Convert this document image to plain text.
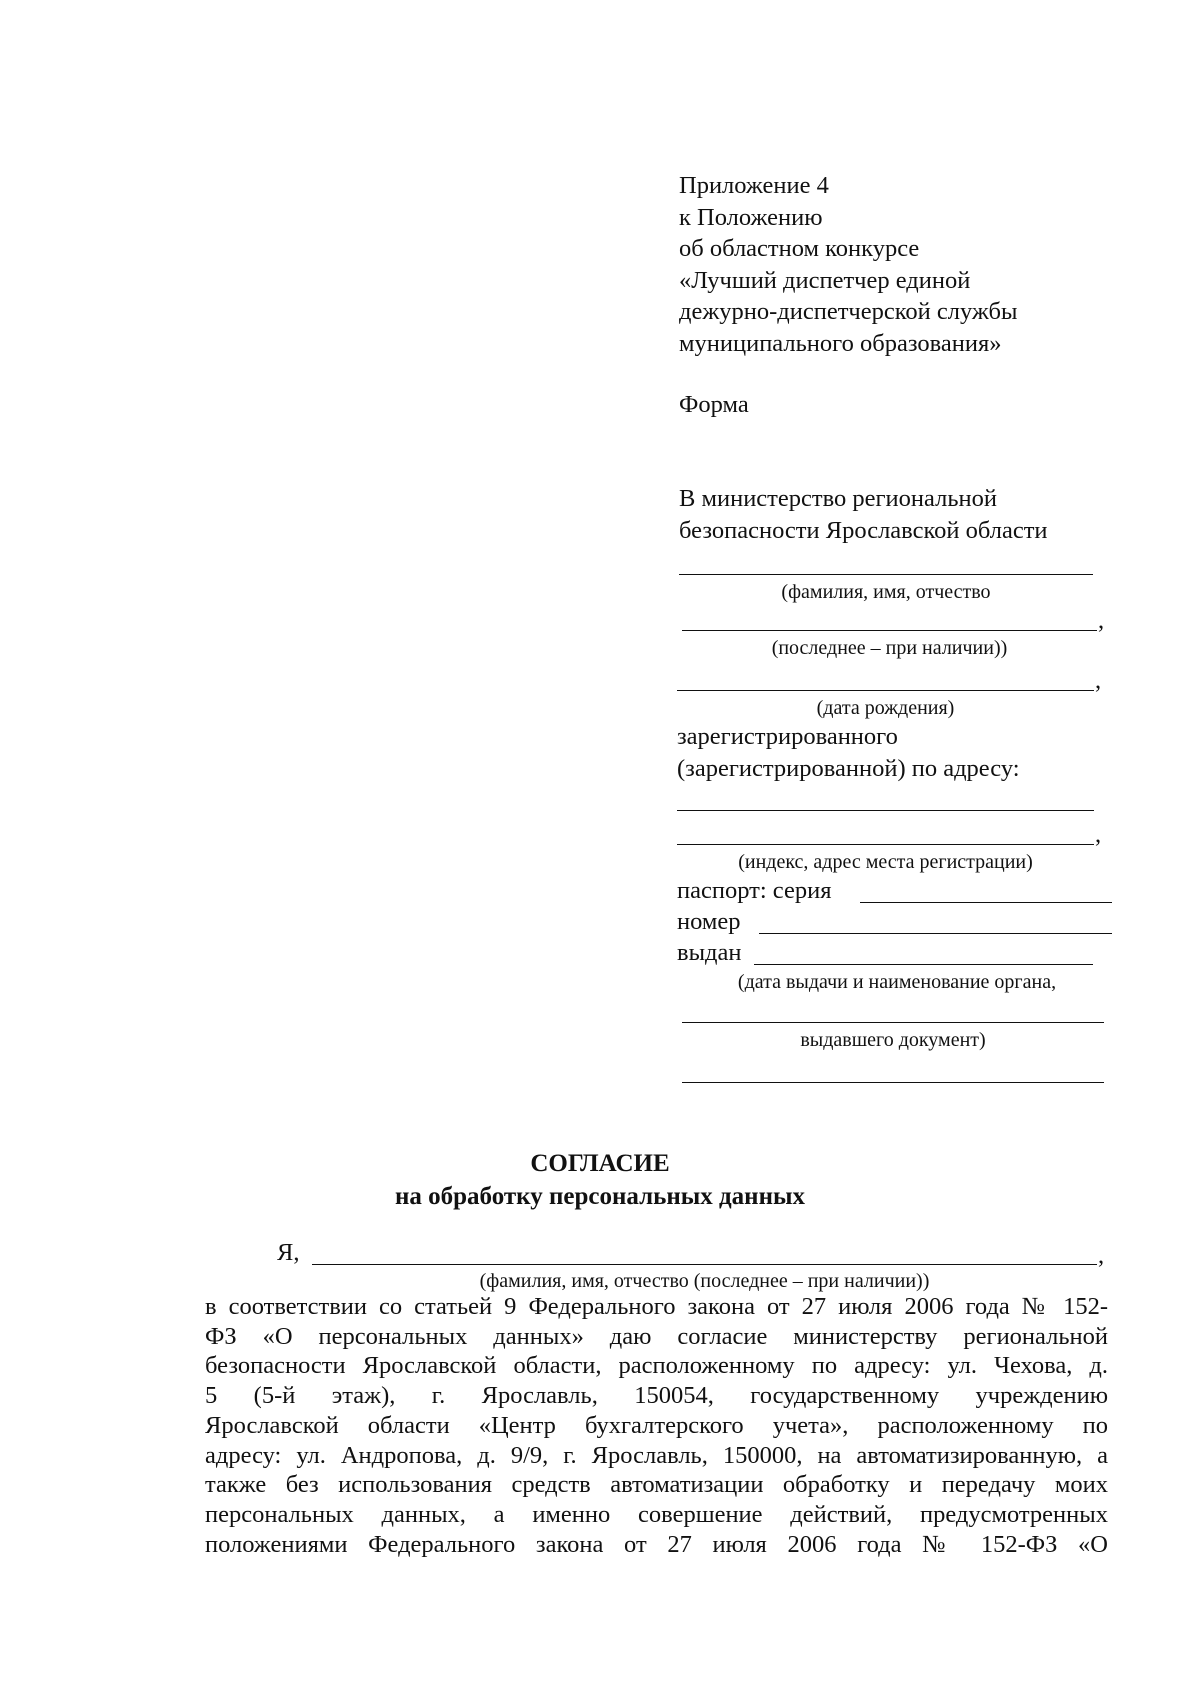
Приложение 4
к Положению
об областном конкурсе
«Лучший диспетчер единой
дежурно-диспетчерской службы
муниципального образования»
Форма
В министерство региональной
безопасности Ярославской области
(фамилия, имя, отчество
,
(последнее – при наличии))
,
(дата рождения)
зарегистрированного
(зарегистрированной) по адресу:
,
(индекс, адрес места регистрации)
паспорт: серия
номер
выдан
(дата выдачи и наименование органа,
выдавшего документ)
СОГЛАСИЕ
на обработку персональных данных
Я,	,
(фамилия, имя, отчество (последнее – при наличии))
в соответствии со статьей 9 Федерального закона от 27 июля 2006 года № 152-
ФЗ «О персональных данных» даю согласие министерству региональной
безопасности Ярославской области, расположенному по адресу: ул. Чехова, д.
5 (5-й этаж), г. Ярославль, 150054, государственному учреждению
Ярославской области «Центр бухгалтерского учета», расположенному по
адресу: ул. Андропова, д. 9/9, г. Ярославль, 150000, на автоматизированную, а
также без использования средств автоматизации обработку и передачу моих
персональных данных, а именно совершение действий, предусмотренных
положениями Федерального закона от 27 июля 2006 года № 152-ФЗ «О
